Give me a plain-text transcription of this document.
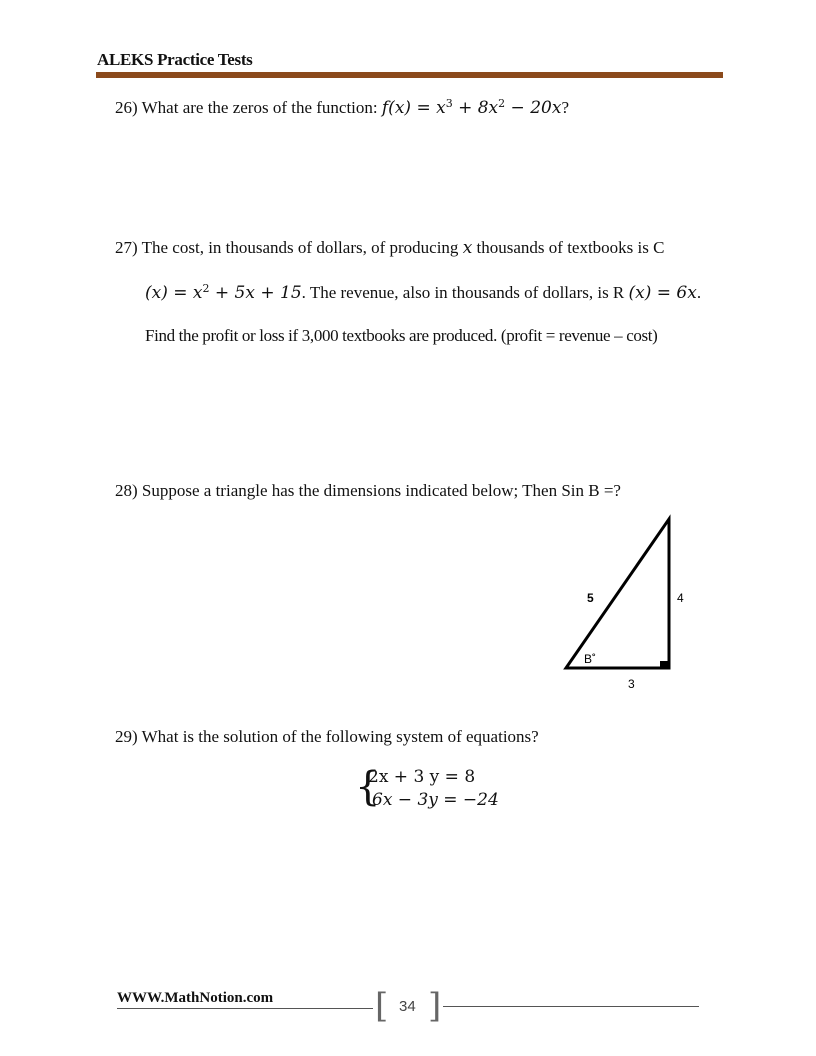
ALEKS Practice Tests
26) What are the zeros of the function: $f(x) = x^3 + 8x^2 - 20x$?
27) The cost, in thousands of dollars, of producing x thousands of textbooks is C
$(x) = x^2 + 5x + 15$. The revenue, also in thousands of dollars, is R (x) = 6x.
Find the profit or loss if 3,000 textbooks are produced. (profit = revenue – cost)
28) Suppose a triangle has the dimensions indicated below; Then Sin B =?
5	4
3
B˚
29) What is the solution of the following system of equations?
{
2x + 3 y = 8
6x − 3y = −24
WWW.MathNotion.com	[ 34 ]
